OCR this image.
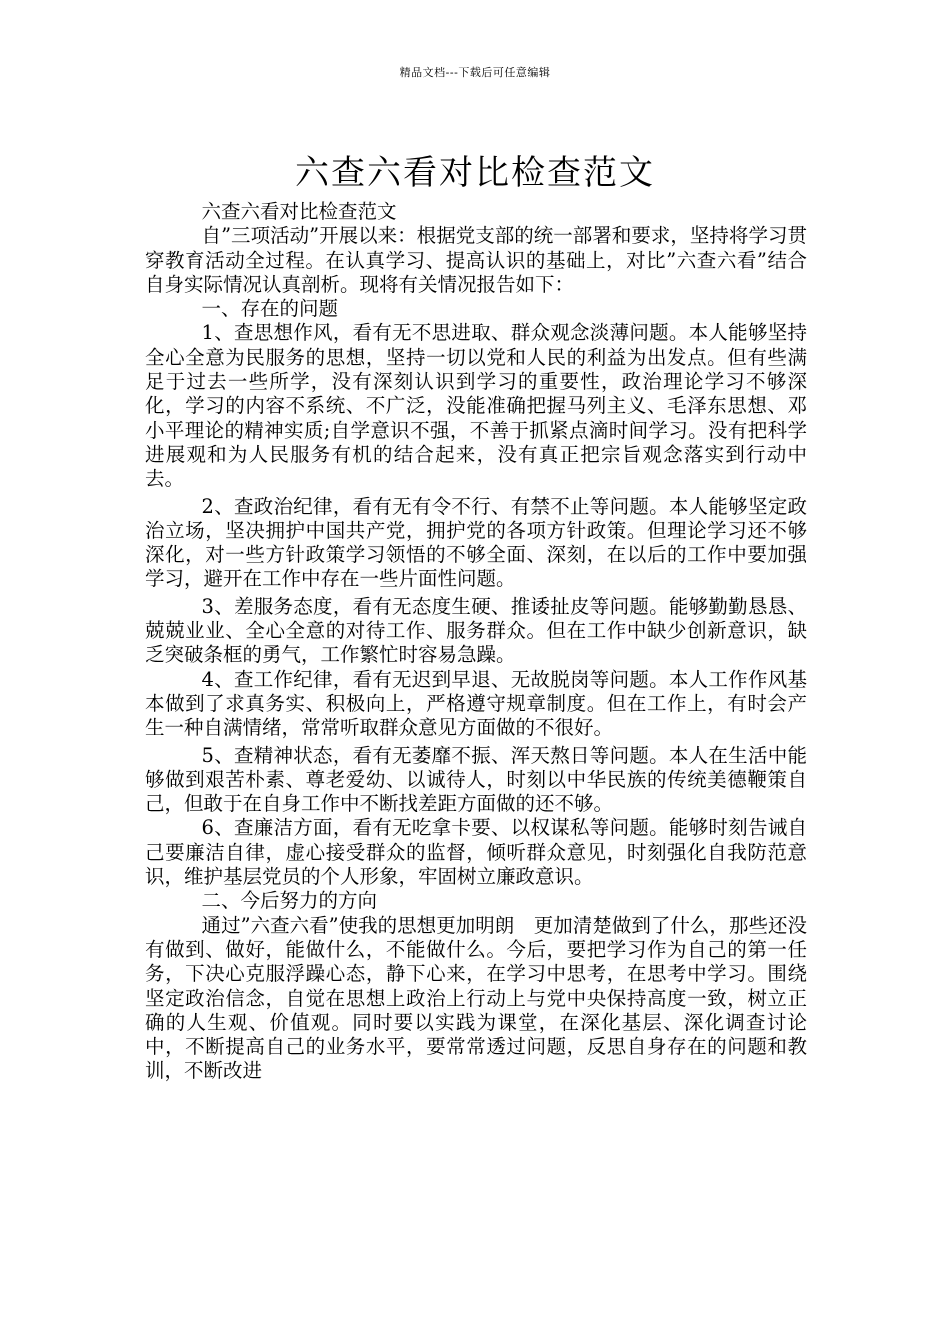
精品文档---下载后可任意编辑
六查六看对比检查范文

六查六看对比检查范文

自”三项活动”开展以来：根据党支部的统一部署和要求，坚持将学习贯穿教育活动全过程。在认真学习、提高认识的基础上，对比”六查六看”结合自身实际情况认真剖析。现将有关情况报告如下：

一、存在的问题

1、查思想作风，看有无不思进取、群众观念淡薄问题。本人能够坚持全心全意为民服务的思想，坚持一切以党和人民的利益为出发点。但有些满足于过去一些所学，没有深刻认识到学习的重要性，政治理论学习不够深化，学习的内容不系统、不广泛，没能准确把握马列主义、毛泽东思想、邓小平理论的精神实质;自学意识不强，不善于抓紧点滴时间学习。没有把科学进展观和为人民服务有机的结合起来，没有真正把宗旨观念落实到行动中去。

2、查政治纪律，看有无有令不行、有禁不止等问题。本人能够坚定政治立场，坚决拥护中国共产党，拥护党的各项方针政策。但理论学习还不够深化，对一些方针政策学习领悟的不够全面、深刻，在以后的工作中要加强学习，避开在工作中存在一些片面性问题。

3、差服务态度，看有无态度生硬、推诿扯皮等问题。能够勤勤恳恳、兢兢业业、全心全意的对待工作、服务群众。但在工作中缺少创新意识，缺乏突破条框的勇气，工作繁忙时容易急躁。

4、查工作纪律，看有无迟到早退、无故脱岗等问题。本人工作作风基本做到了求真务实、积极向上，严格遵守规章制度。但在工作上，有时会产生一种自满情绪，常常听取群众意见方面做的不很好。

5、查精神状态，看有无萎靡不振、浑天熬日等问题。本人在生活中能够做到艰苦朴素、尊老爱幼、以诚待人，时刻以中华民族的传统美德鞭策自己，但敢于在自身工作中不断找差距方面做的还不够。

6、查廉洁方面，看有无吃拿卡要、以权谋私等问题。能够时刻告诫自己要廉洁自律，虚心接受群众的监督，倾听群众意见，时刻强化自我防范意识，维护基层党员的个人形象，牢固树立廉政意识。

二、今后努力的方向

通过”六查六看”使我的思想更加明朗　更加清楚做到了什么，那些还没有做到、做好，能做什么，不能做什么。今后，要把学习作为自己的第一任务，下决心克服浮躁心态，静下心来，在学习中思考，在思考中学习。围绕坚定政治信念，自觉在思想上政治上行动上与党中央保持高度一致，树立正确的人生观、价值观。同时要以实践为课堂，在深化基层、深化调查讨论中，不断提高自己的业务水平，要常常透过问题，反思自身存在的问题和教训，不断改进
